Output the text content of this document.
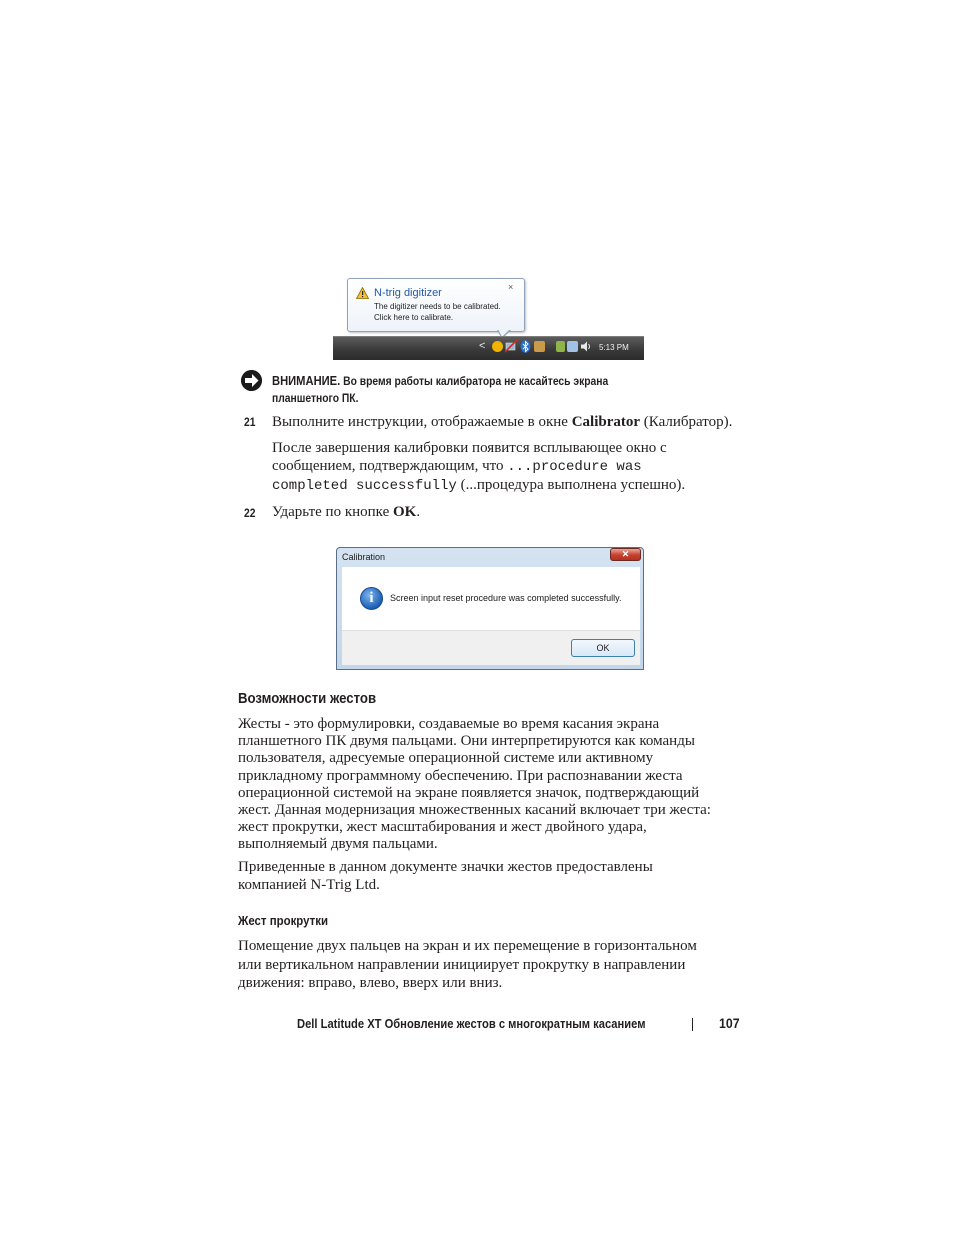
N-trig digitizer
The digitizer needs to be calibrated.
Click here to calibrate.
×
<	5:13 PM
ВНИМАНИЕ. Во время работы калибратора не касайтесь экрана
планшетного ПК.
21 Выполните инструкции, отображаемые в окне Calibrator (Калибратор).
После завершения калибровки появится всплывающее окно с
сообщением, подтверждающим, что ...procedure was
completed successfully (...процедура выполнена успешно).
22 Ударьте по кнопке OK.
Calibration	✕
i	Screen input reset procedure was completed successfully.
OK
Возможности жестов
Жесты - это формулировки, создаваемые во время касания экрана
планшетного ПК двумя пальцами. Они интерпретируются как команды
пользователя, адресуемые операционной системе или активному
прикладному программному обеспечению. При распознавании жеста
операционной системой на экране появляется значок, подтверждающий
жест. Данная модернизация множественных касаний включает три жеста:
жест прокрутки, жест масштабирования и жест двойного удара,
выполняемый двумя пальцами.
Приведенные в данном документе значки жестов предоставлены
компанией N-Trig Ltd.
Жест прокрутки
Помещение двух пальцев на экран и их перемещение в горизонтальном
или вертикальном направлении инициирует прокрутку в направлении
движения: вправо, влево, вверх или вниз.
Dell Latitude XT Обновление жестов с многократным касанием	107
